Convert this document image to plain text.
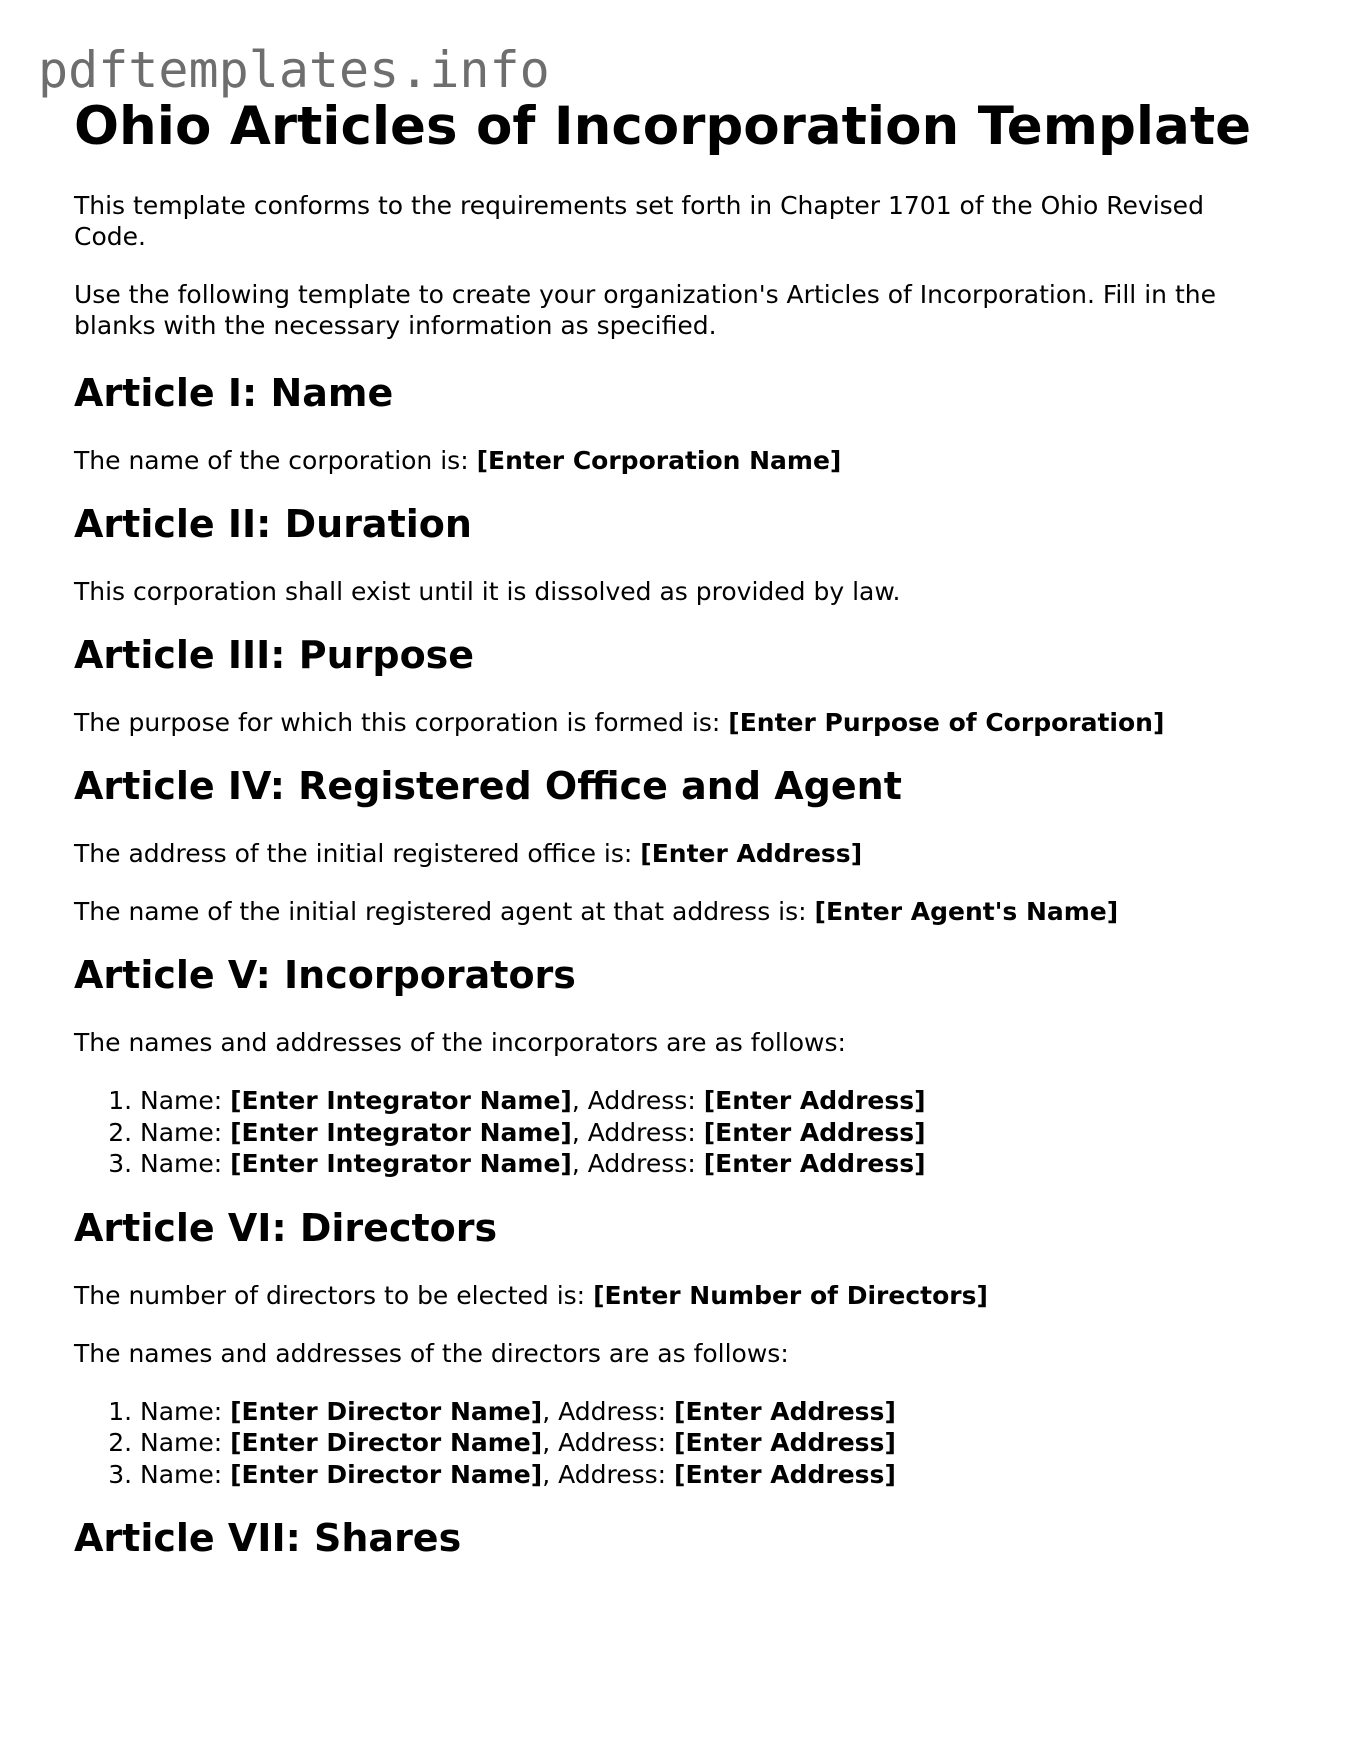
pdftemplates.info
Ohio Articles of Incorporation Template

This template conforms to the requirements set forth in Chapter 1701 of the Ohio Revised Code.

Use the following template to create your organization's Articles of Incorporation. Fill in the blanks with the necessary information as specified.

Article I: Name

The name of the corporation is: [Enter Corporation Name]

Article II: Duration

This corporation shall exist until it is dissolved as provided by law.

Article III: Purpose

The purpose for which this corporation is formed is: [Enter Purpose of Corporation]

Article IV: Registered Office and Agent

The address of the initial registered office is: [Enter Address]

The name of the initial registered agent at that address is: [Enter Agent's Name]

Article V: Incorporators

The names and addresses of the incorporators are as follows:

1. Name: [Enter Integrator Name], Address: [Enter Address]
2. Name: [Enter Integrator Name], Address: [Enter Address]
3. Name: [Enter Integrator Name], Address: [Enter Address]
Article VI: Directors

The number of directors to be elected is: [Enter Number of Directors]

The names and addresses of the directors are as follows:

1. Name: [Enter Director Name], Address: [Enter Address]
2. Name: [Enter Director Name], Address: [Enter Address]
3. Name: [Enter Director Name], Address: [Enter Address]
Article VII: Shares
